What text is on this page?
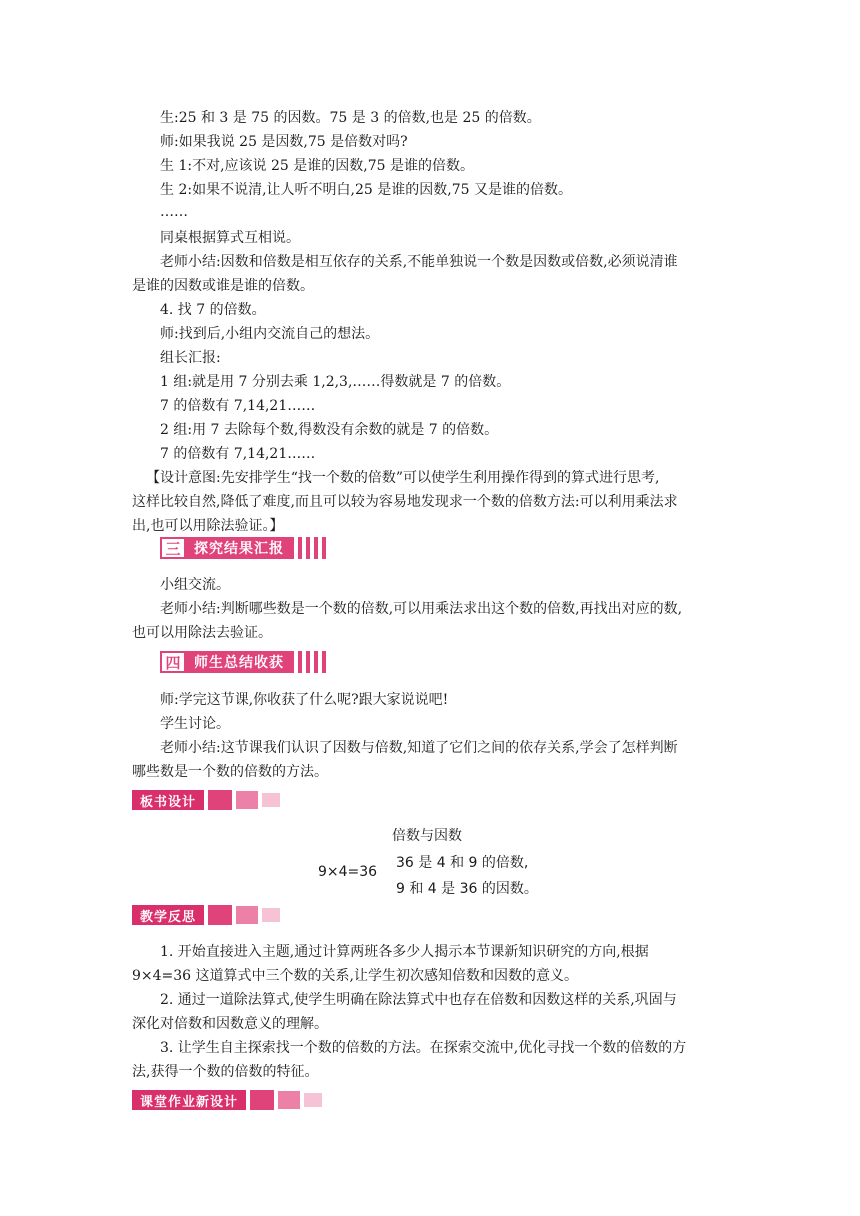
生:25 和 3 是 75 的因数。75 是 3 的倍数,也是 25 的倍数。
师:如果我说 25 是因数,75 是倍数对吗?
生 1:不对,应该说 25 是谁的因数,75 是谁的倍数。
生 2:如果不说清,让人听不明白,25 是谁的因数,75 又是谁的倍数。
……
同桌根据算式互相说。
老师小结:因数和倍数是相互依存的关系,不能单独说一个数是因数或倍数,必须说清谁
是谁的因数或谁是谁的倍数。
4. 找 7 的倍数。
师:找到后,小组内交流自己的想法。
组长汇报:
1 组:就是用 7 分别去乘 1,2,3,……得数就是 7 的倍数。
7 的倍数有 7,14,21……
2 组:用 7 去除每个数,得数没有余数的就是 7 的倍数。
7 的倍数有 7,14,21……
【设计意图:先安排学生“找一个数的倍数”可以使学生利用操作得到的算式进行思考,
这样比较自然,降低了难度,而且可以较为容易地发现求一个数的倍数方法:可以利用乘法求
出,也可以用除法验证。】
三 探究结果汇报
小组交流。
老师小结:判断哪些数是一个数的倍数,可以用乘法求出这个数的倍数,再找出对应的数,
也可以用除法去验证。
四 师生总结收获
师:学完这节课,你收获了什么呢?跟大家说说吧!
学生讨论。
老师小结:这节课我们认识了因数与倍数,知道了它们之间的依存关系,学会了怎样判断
哪些数是一个数的倍数的方法。
板书设计
倍数与因数
9×4=36
36 是 4 和 9 的倍数,
9 和 4 是 36 的因数。
教学反思
1. 开始直接进入主题,通过计算两班各多少人揭示本节课新知识研究的方向,根据
9×4=36 这道算式中三个数的关系,让学生初次感知倍数和因数的意义。
2. 通过一道除法算式,使学生明确在除法算式中也存在倍数和因数这样的关系,巩固与
深化对倍数和因数意义的理解。
3. 让学生自主探索找一个数的倍数的方法。在探索交流中,优化寻找一个数的倍数的方
法,获得一个数的倍数的特征。
课堂作业新设计
